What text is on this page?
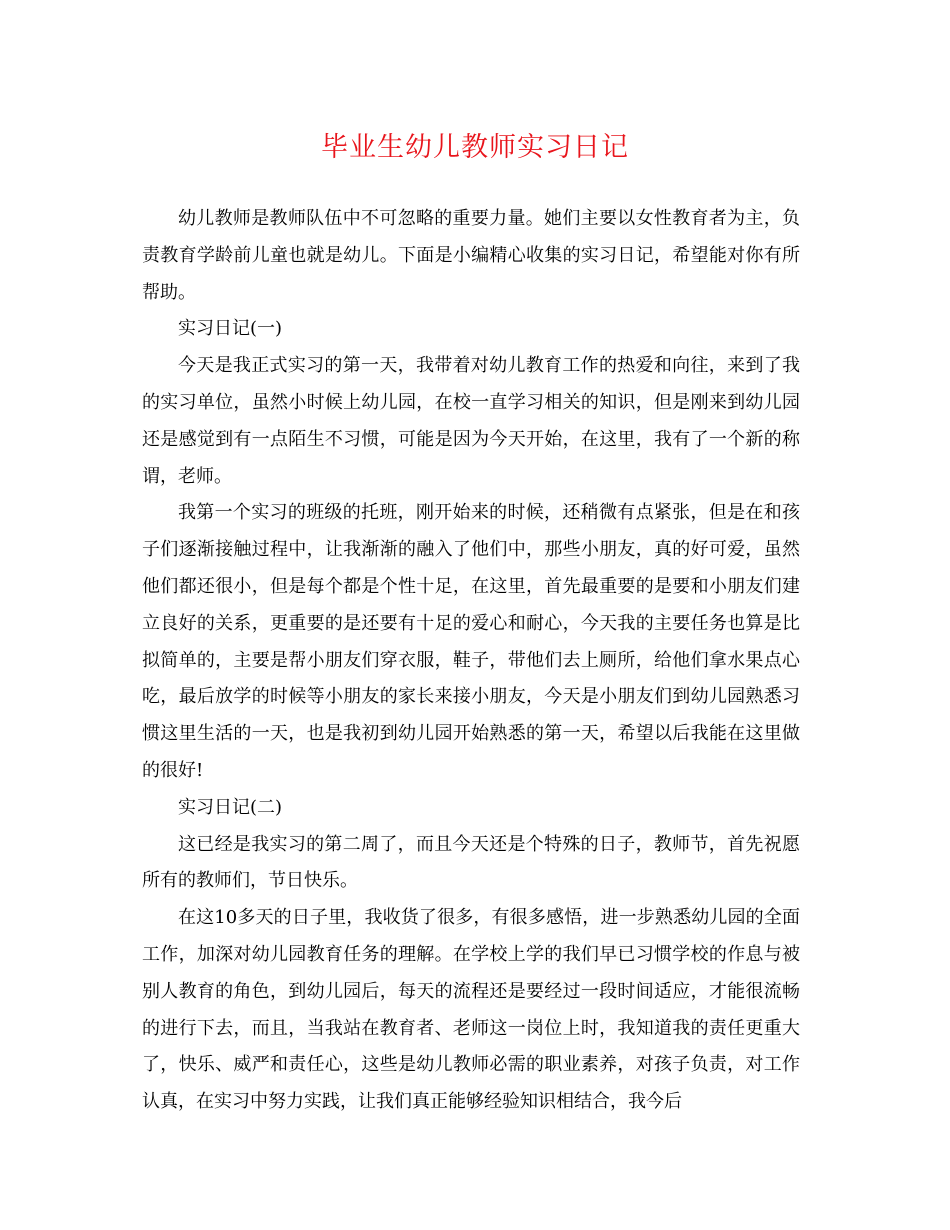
毕业生幼儿教师实习日记

幼儿教师是教师队伍中不可忽略的重要力量。她们主要以女性教育者为主，负责教育学龄前儿童也就是幼儿。下面是小编精心收集的实习日记，希望能对你有所帮助。

实习日记(一)

今天是我正式实习的第一天，我带着对幼儿教育工作的热爱和向往，来到了我的实习单位，虽然小时候上幼儿园，在校一直学习相关的知识，但是刚来到幼儿园还是感觉到有一点陌生不习惯，可能是因为今天开始，在这里，我有了一个新的称谓，老师。

我第一个实习的班级的托班，刚开始来的时候，还稍微有点紧张，但是在和孩子们逐渐接触过程中，让我渐渐的融入了他们中，那些小朋友，真的好可爱，虽然他们都还很小，但是每个都是个性十足，在这里，首先最重要的是要和小朋友们建立良好的关系，更重要的是还要有十足的爱心和耐心，今天我的主要任务也算是比拟简单的，主要是帮小朋友们穿衣服，鞋子，带他们去上厕所，给他们拿水果点心吃，最后放学的时候等小朋友的家长来接小朋友，今天是小朋友们到幼儿园熟悉习惯这里生活的一天，也是我初到幼儿园开始熟悉的第一天，希望以后我能在这里做的很好!

实习日记(二)

这已经是我实习的第二周了，而且今天还是个特殊的日子，教师节，首先祝愿所有的教师们，节日快乐。

在这10多天的日子里，我收货了很多，有很多感悟，进一步熟悉幼儿园的全面工作，加深对幼儿园教育任务的理解。在学校上学的我们早已习惯学校的作息与被别人教育的角色，到幼儿园后，每天的流程还是要经过一段时间适应，才能很流畅的进行下去，而且，当我站在教育者、老师这一岗位上时，我知道我的责任更重大了，快乐、威严和责任心，这些是幼儿教师必需的职业素养，对孩子负责，对工作认真，在实习中努力实践，让我们真正能够经验知识相结合，我今后
